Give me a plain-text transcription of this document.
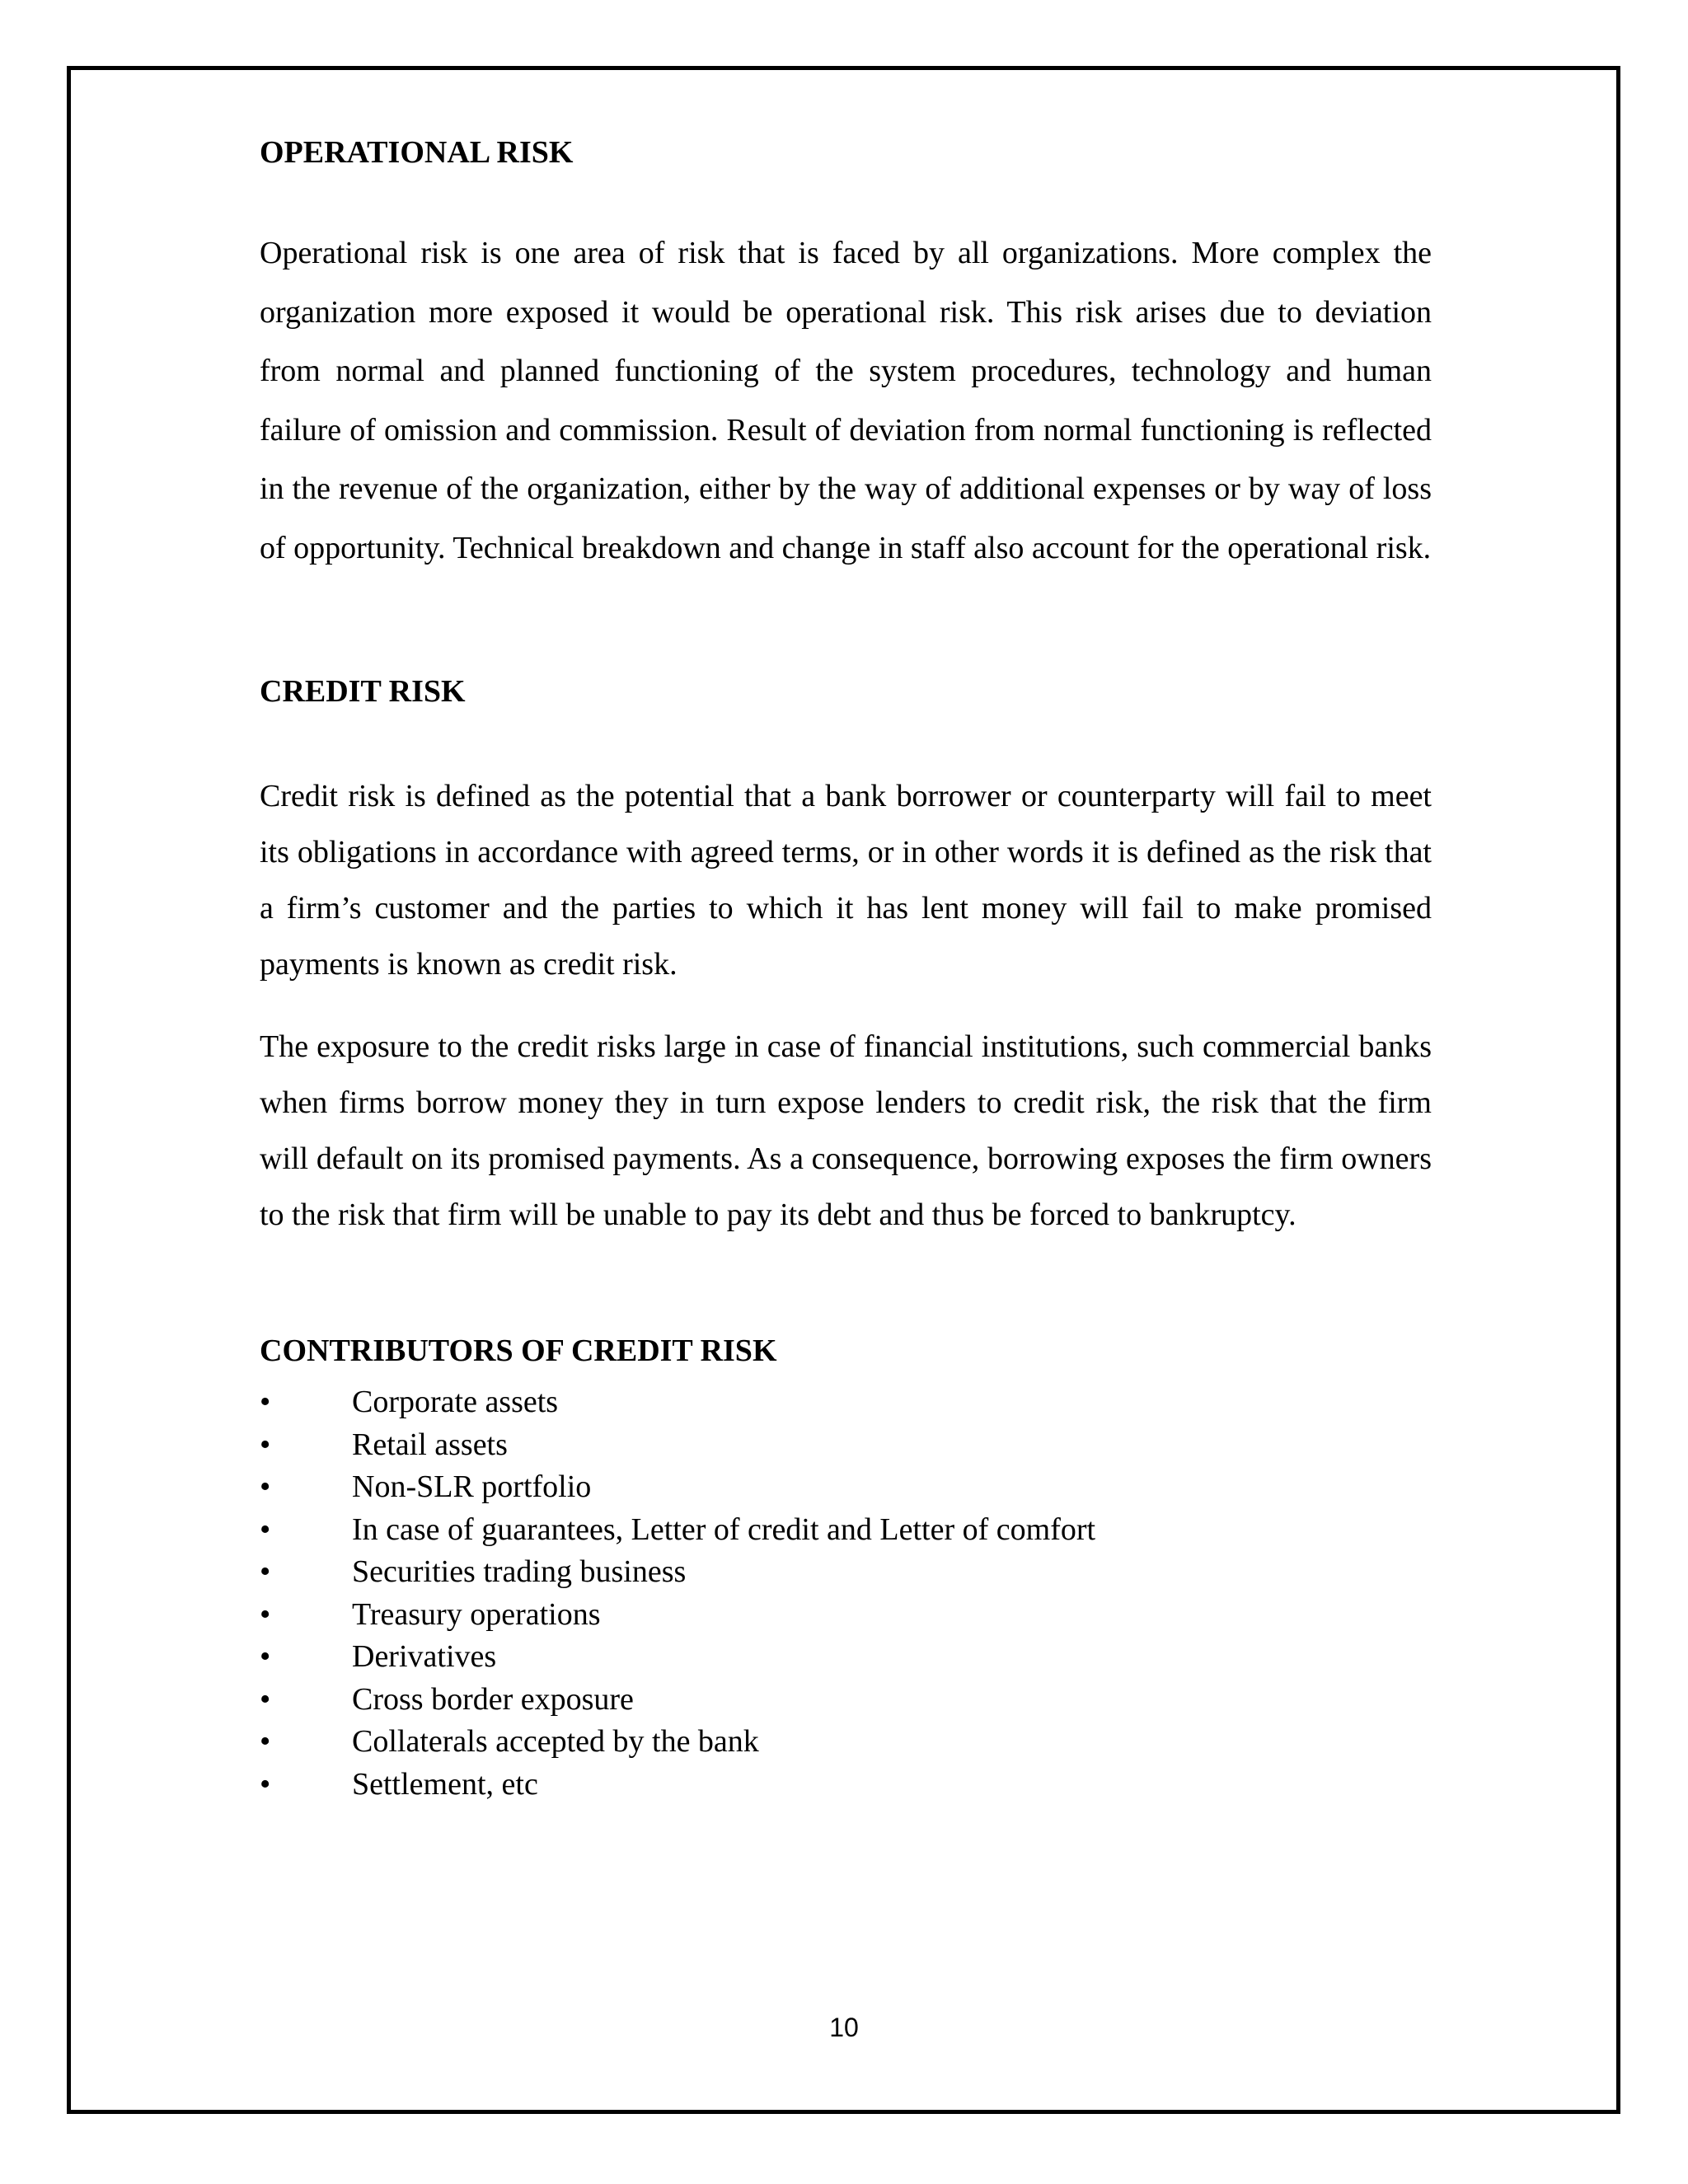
OPERATIONAL RISK

Operational risk is one area of risk that is faced by all organizations. More complex the organization more exposed it would be operational risk. This risk arises due to deviation from normal and planned functioning of the system procedures, technology and human failure of omission and commission. Result of deviation from normal functioning is reflected in the revenue of the organization, either by the way of additional expenses or by way of loss of opportunity. Technical breakdown and change in staff also account for the operational risk.

CREDIT RISK

Credit risk is defined as the potential that a bank borrower or counterparty will fail to meet its obligations in accordance with agreed terms, or in other words it is defined as the risk that a firm’s customer and the parties to which it has lent money will fail to make promised payments is known as credit risk.

The exposure to the credit risks large in case of financial institutions, such commercial banks when firms borrow money they in turn expose lenders to credit risk, the risk that the firm will default on its promised payments. As a consequence, borrowing exposes the firm owners to the risk that firm will be unable to pay its debt and thus be forced to bankruptcy.

CONTRIBUTORS OF CREDIT RISK
•	Corporate assets
•	Retail assets
•	Non-SLR portfolio
•	In case of guarantees, Letter of credit and Letter of comfort
•	Securities trading business
•	Treasury operations
•	Derivatives
•	Cross border exposure
•	Collaterals accepted by the bank
•	Settlement, etc
10
